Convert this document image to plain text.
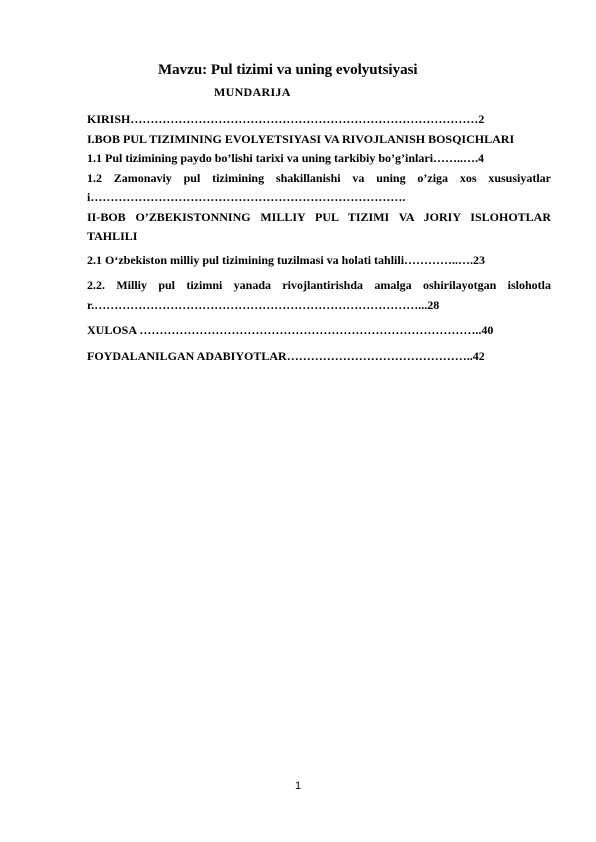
Mavzu: Pul tizimi va uning evolyutsiyasi
MUNDARIJA

KIRISH……………………………………………………………………………2

I.BOB PUL TIZIMINING EVOLYETSIYASI VA RIVOJLANISH BOSQICHLARI

1.1 Pul tizimining paydo bo’lishi tarixi va uning tarkibiy bo’g’inlari……..….4

1.2 Zamonaviy pul tizimining shakillanishi va uning o’ziga xos xususiyatlari…………………………………………………………………….

II-BOB O’ZBEKISTONNING MILLIY PUL TIZIMI VA JORIY ISLOHOTLAR TAHLILI

2.1 O‘zbekiston milliy pul tizimining tuzilmasi va holati tahlili…………..….23

2.2. Milliy pul tizimni yanada rivojlantirishda amalga oshirilayotgan islohotlar.………………………………………………………………………...28

XULOSA …………………………………………………………………………..40

FOYDALANILGAN ADABIYOTLAR………………………………………..42

1
